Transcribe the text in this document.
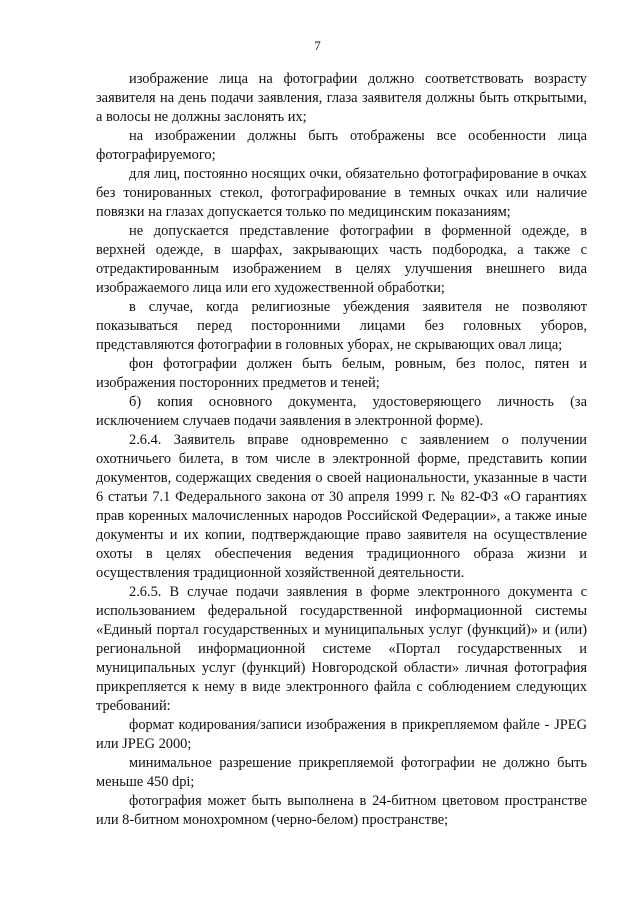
7

изображение лица на фотографии должно соответствовать возрасту заявителя на день подачи заявления, глаза заявителя должны быть открытыми, а волосы не должны заслонять их;

на изображении должны быть отображены все особенности лица фотографируемого;

для лиц, постоянно носящих очки, обязательно фотографирование в очках без тонированных стекол, фотографирование в темных очках или наличие повязки на глазах допускается только по медицинским показаниям;

не допускается представление фотографии в форменной одежде, в верхней одежде, в шарфах, закрывающих часть подбородка, а также с отредактированным изображением в целях улучшения внешнего вида изображаемого лица или его художественной обработки;

в случае, когда религиозные убеждения заявителя не позволяют показываться перед посторонними лицами без головных уборов, представляются фотографии в головных уборах, не скрывающих овал лица;

фон фотографии должен быть белым, ровным, без полос, пятен и изображения посторонних предметов и теней;

б) копия основного документа, удостоверяющего личность (за исключением случаев подачи заявления в электронной форме).

2.6.4. Заявитель вправе одновременно с заявлением о получении охотничьего билета, в том числе в электронной форме, представить копии документов, содержащих сведения о своей национальности, указанные в части 6 статьи 7.1 Федерального закона от 30 апреля 1999 г. № 82-ФЗ «О гарантиях прав коренных малочисленных народов Российской Федерации», а также иные документы и их копии, подтверждающие право заявителя на осуществление охоты в целях обеспечения ведения традиционного образа жизни и осуществления традиционной хозяйственной деятельности.

2.6.5. В случае подачи заявления в форме электронного документа с использованием федеральной государственной информационной системы «Единый портал государственных и муниципальных услуг (функций)» и (или) региональной информационной системе «Портал государственных и муниципальных услуг (функций) Новгородской области» личная фотография прикрепляется к нему в виде электронного файла с соблюдением следующих требований:

формат кодирования/записи изображения в прикрепляемом файле - JPEG или JPEG 2000;

минимальное разрешение прикрепляемой фотографии не должно быть меньше 450 dpi;

фотография может быть выполнена в 24-битном цветовом пространстве или 8-битном монохромном (черно-белом) пространстве;
